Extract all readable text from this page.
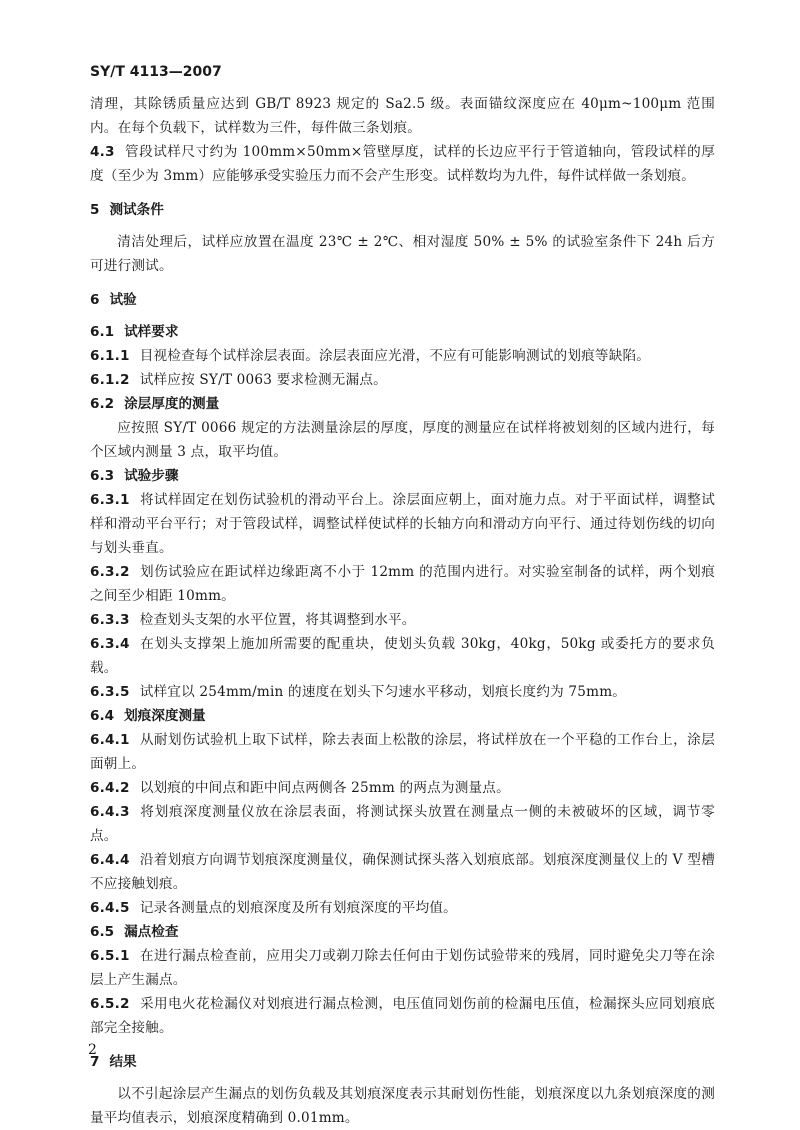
SY/T 4113—2007

清理，其除锈质量应达到 GB/T 8923 规定的 Sa2.5 级。表面锚纹深度应在 40μm~100μm 范围内。在每个负载下，试样数为三件，每件做三条划痕。

4.3 管段试样尺寸约为 100mm×50mm×管壁厚度，试样的长边应平行于管道轴向，管段试样的厚度（至少为 3mm）应能够承受实验压力而不会产生形变。试样数均为九件，每件试样做一条划痕。

5 测试条件

清洁处理后，试样应放置在温度 23℃ ± 2℃、相对湿度 50% ± 5% 的试验室条件下 24h 后方可进行测试。

6 试验
6.1 试样要求

6.1.1 目视检查每个试样涂层表面。涂层表面应光滑，不应有可能影响测试的划痕等缺陷。

6.1.2 试样应按 SY/T 0063 要求检测无漏点。

6.2 涂层厚度的测量

应按照 SY/T 0066 规定的方法测量涂层的厚度，厚度的测量应在试样将被划刻的区域内进行，每个区域内测量 3 点，取平均值。

6.3 试验步骤

6.3.1 将试样固定在划伤试验机的滑动平台上。涂层面应朝上，面对施力点。对于平面试样，调整试样和滑动平台平行；对于管段试样，调整试样使试样的长轴方向和滑动方向平行、通过待划伤线的切向与划头垂直。

6.3.2 划伤试验应在距试样边缘距离不小于 12mm 的范围内进行。对实验室制备的试样，两个划痕之间至少相距 10mm。

6.3.3 检查划头支架的水平位置，将其调整到水平。

6.3.4 在划头支撑架上施加所需要的配重块，使划头负载 30kg，40kg，50kg 或委托方的要求负载。

6.3.5 试样宜以 254mm/min 的速度在划头下匀速水平移动，划痕长度约为 75mm。

6.4 划痕深度测量

6.4.1 从耐划伤试验机上取下试样，除去表面上松散的涂层，将试样放在一个平稳的工作台上，涂层面朝上。

6.4.2 以划痕的中间点和距中间点两侧各 25mm 的两点为测量点。

6.4.3 将划痕深度测量仪放在涂层表面，将测试探头放置在测量点一侧的未被破坏的区域，调节零点。

6.4.4 沿着划痕方向调节划痕深度测量仪，确保测试探头落入划痕底部。划痕深度测量仪上的 V 型槽不应接触划痕。

6.4.5 记录各测量点的划痕深度及所有划痕深度的平均值。

6.5 漏点检查

6.5.1 在进行漏点检查前，应用尖刀或剃刀除去任何由于划伤试验带来的残屑，同时避免尖刀等在涂层上产生漏点。

6.5.2 采用电火花检漏仪对划痕进行漏点检测，电压值同划伤前的检漏电压值，检漏探头应同划痕底部完全接触。

7 结果

以不引起涂层产生漏点的划伤负载及其划痕深度表示其耐划伤性能，划痕深度以九条划痕深度的测量平均值表示，划痕深度精确到 0.01mm。

2
